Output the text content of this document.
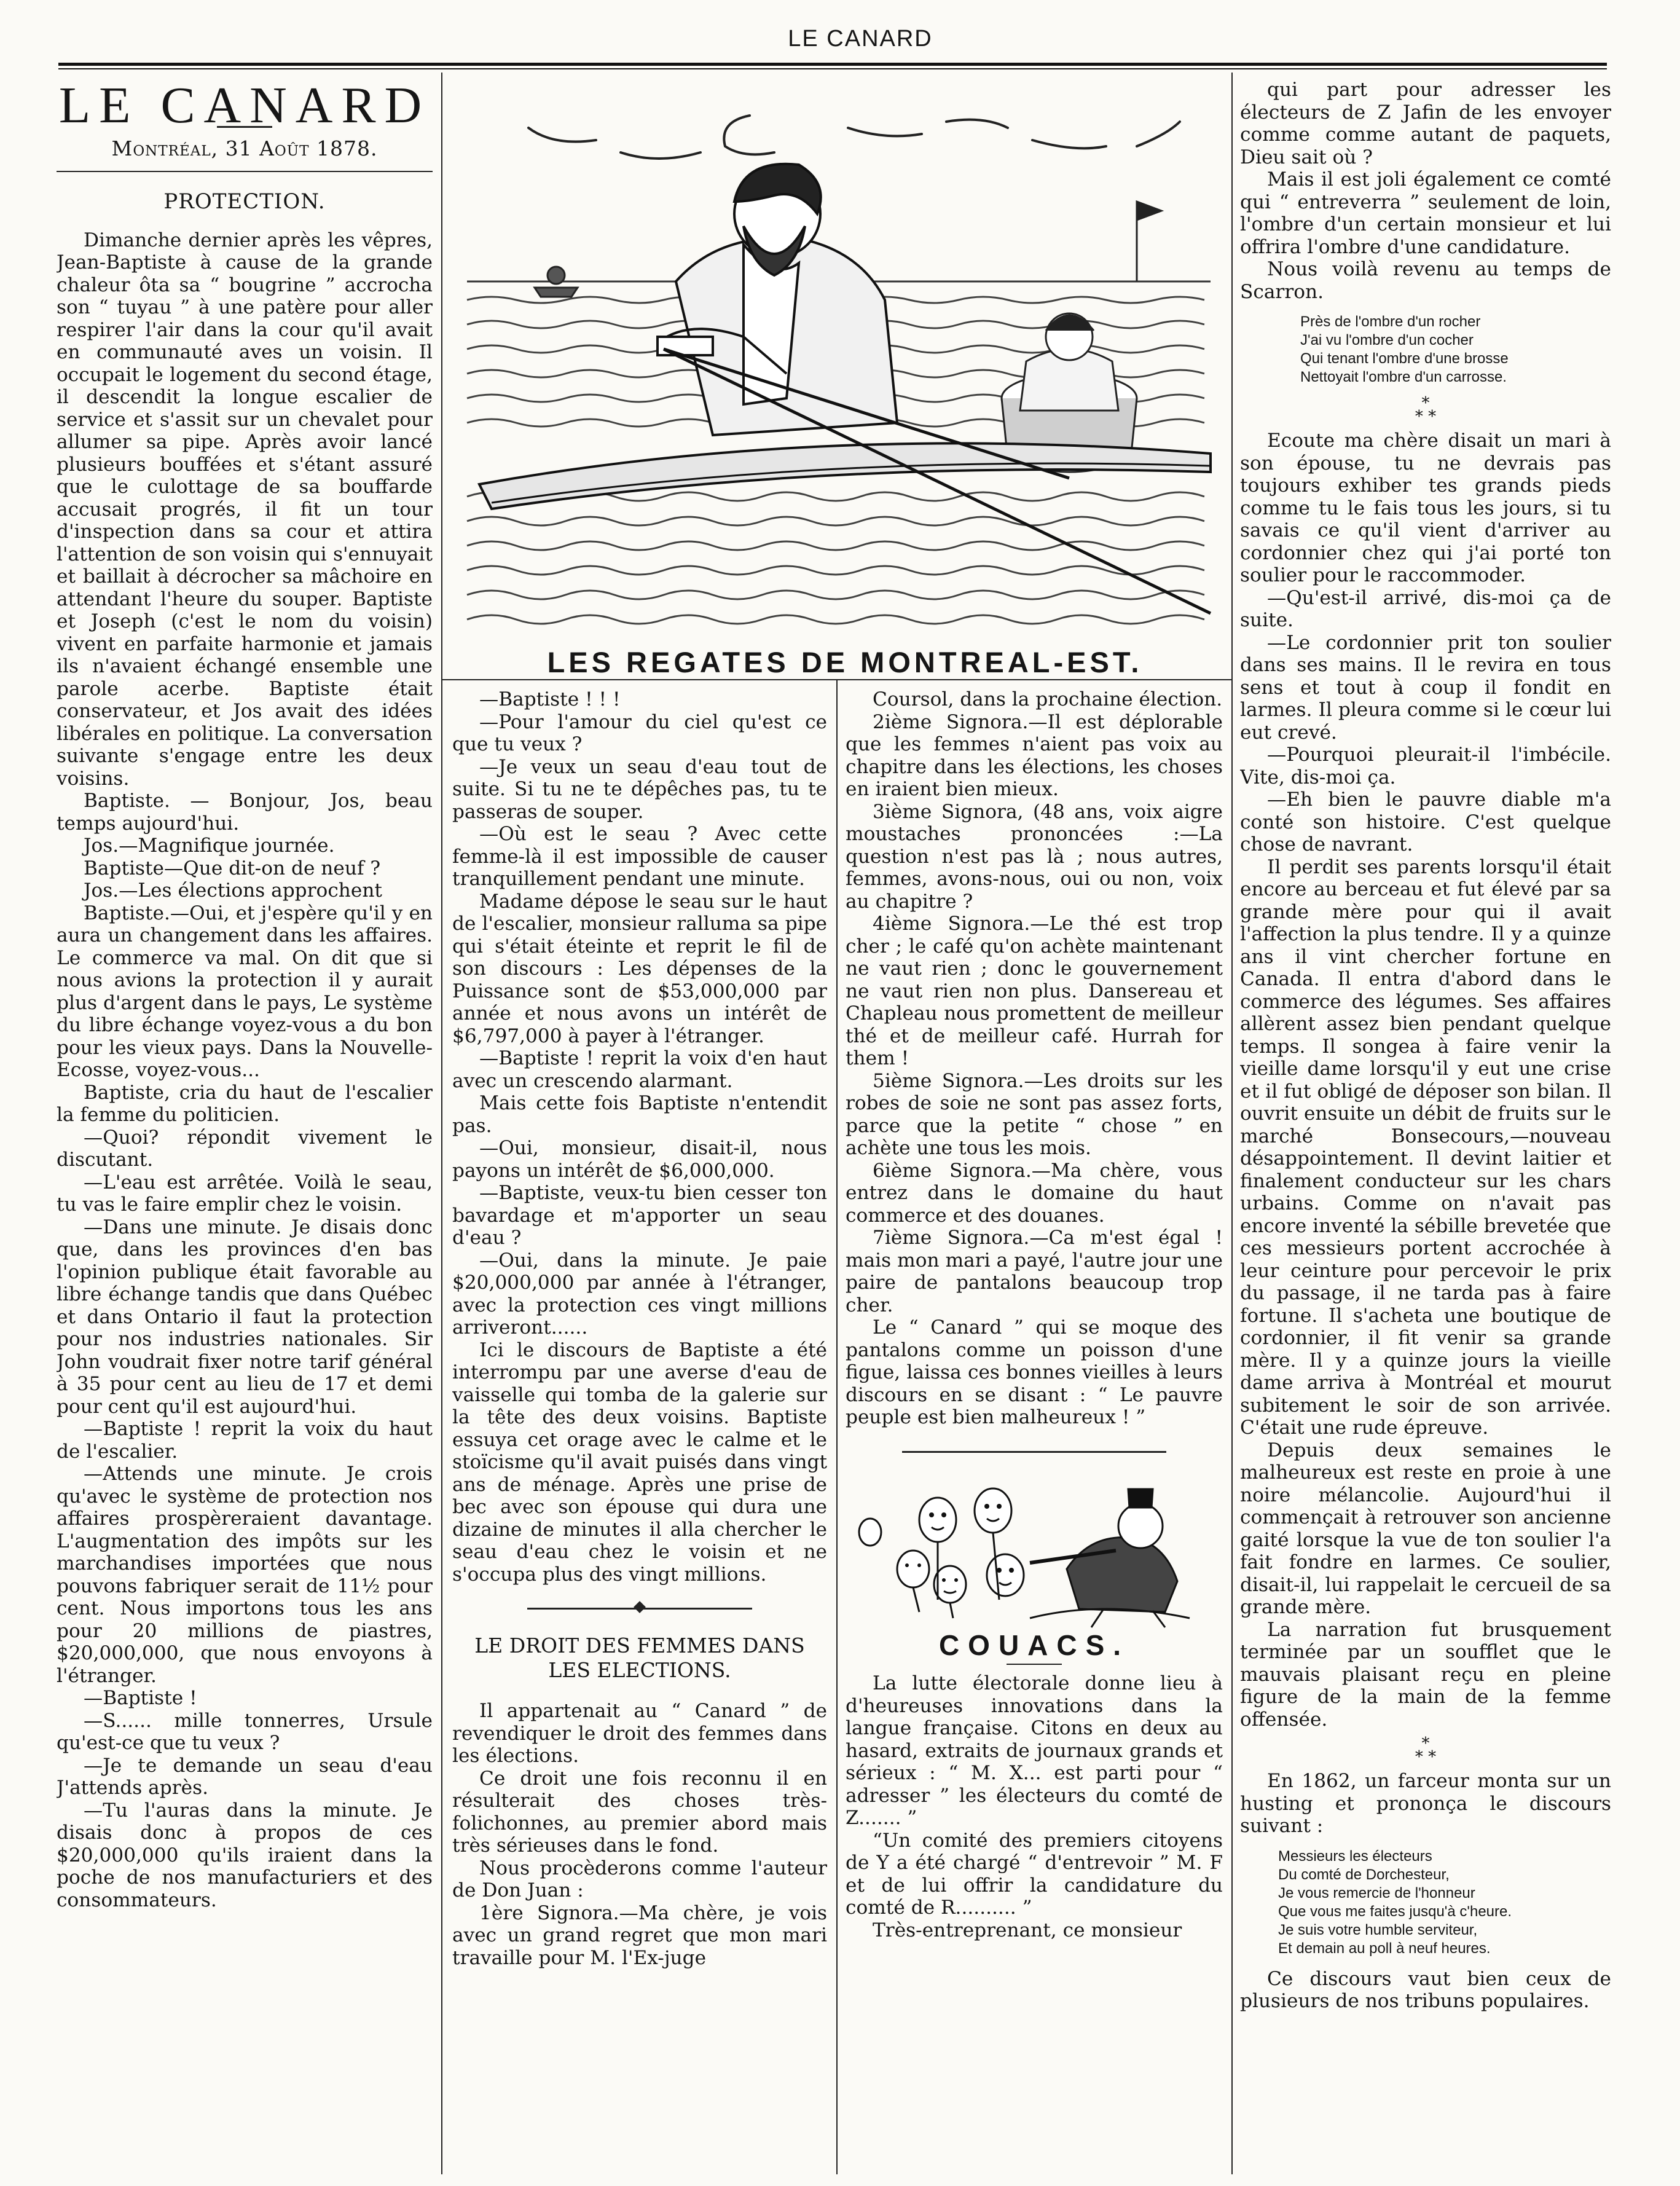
LE CANARD
LE CANARD
Montréal, 31 Août 1878.
PROTECTION.

Dimanche dernier après les vêpres, Jean-Baptiste à cause de la grande chaleur ôta sa “ bougrine ” accrocha son “ tuyau ” à une patère pour aller respirer l'air dans la cour qu'il avait en communauté aves un voisin. Il occupait le logement du second étage, il descendit la longue escalier de service et s'assit sur un chevalet pour allumer sa pipe. Après avoir lancé plusieurs bouffées et s'étant assuré que le culottage de sa bouffarde accusait progrés, il fit un tour d'inspection dans sa cour et attira l'attention de son voisin qui s'ennuyait et baillait à décrocher sa mâchoire en attendant l'heure du souper. Baptiste et Joseph (c'est le nom du voisin) vivent en parfaite harmonie et jamais ils n'avaient échangé ensemble une parole acerbe. Baptiste était conservateur, et Jos avait des idées libérales en politique. La conversation suivante s'engage entre les deux voisins.

Baptiste. — Bonjour, Jos, beau temps aujourd'hui.

Jos.—Magnifique journée.

Baptiste—Que dit-on de neuf ?

Jos.—Les élections approchent

Baptiste.—Oui, et j'espère qu'il y en aura un changement dans les affaires. Le commerce va mal. On dit que si nous avions la protection il y aurait plus d'argent dans le pays, Le système du libre échange voyez-vous a du bon pour les vieux pays. Dans la Nouvelle-Ecosse, voyez-vous...

Baptiste, cria du haut de l'escalier la femme du politicien.

—Quoi? répondit vivement le discutant.

—L'eau est arrêtée. Voilà le seau, tu vas le faire emplir chez le voisin.

—Dans une minute. Je disais donc que, dans les provinces d'en bas l'opinion publique était favorable au libre échange tandis que dans Québec et dans Ontario il faut la protection pour nos industries nationales. Sir John voudrait fixer notre tarif général à 35 pour cent au lieu de 17 et demi pour cent qu'il est aujourd'hui.

—Baptiste ! reprit la voix du haut de l'escalier.

—Attends une minute. Je crois qu'avec le système de protection nos affaires prospèreraient davantage. L'augmentation des impôts sur les marchandises importées que nous pouvons fabriquer serait de 11½ pour cent. Nous importons tous les ans pour 20 millions de piastres, $20,000,000, que nous envoyons à l'étranger.

—Baptiste !

—S...... mille tonnerres, Ursule qu'est-ce que tu veux ?

—Je te demande un seau d'eau J'attends après.

—Tu l'auras dans la minute. Je disais donc à propos de ces $20,000,000 qu'ils iraient dans la poche de nos manufacturiers et des consommateurs.

LES REGATES DE MONTREAL-EST.

—Baptiste ! ! !

—Pour l'amour du ciel qu'est ce que tu veux ?

—Je veux un seau d'eau tout de suite. Si tu ne te dépêches pas, tu te passeras de souper.

—Où est le seau ? Avec cette femme-là il est impossible de causer tranquillement pendant une minute.

Madame dépose le seau sur le haut de l'escalier, monsieur ralluma sa pipe qui s'était éteinte et reprit le fil de son discours : Les dépenses de la Puissance sont de $53,000,000 par année et nous avons un intérêt de $6,797,000 à payer à l'étranger.

—Baptiste ! reprit la voix d'en haut avec un crescendo alarmant.

Mais cette fois Baptiste n'entendit pas.

—Oui, monsieur, disait-il, nous payons un intérêt de $6,000,000.

—Baptiste, veux-tu bien cesser ton bavardage et m'apporter un seau d'eau ?

—Oui, dans la minute. Je paie $20,000,000 par année à l'étranger, avec la protection ces vingt millions arriveront......

Ici le discours de Baptiste a été interrompu par une averse d'eau de vaisselle qui tomba de la galerie sur la tête des deux voisins. Baptiste essuya cet orage avec le calme et le stoïcisme qu'il avait puisés dans vingt ans de ménage. Après une prise de bec avec son épouse qui dura une dizaine de minutes il alla chercher le seau d'eau chez le voisin et ne s'occupa plus des vingt millions.

LE DROIT DES FEMMES DANS
LES ELECTIONS.

Il appartenait au “ Canard ” de revendiquer le droit des femmes dans les élections.

Ce droit une fois reconnu il en résulterait des choses très-folichonnes, au premier abord mais très sérieuses dans le fond.

Nous procèderons comme l'auteur de Don Juan :

1ère Signora.—Ma chère, je vois avec un grand regret que mon mari travaille pour M. l'Ex-juge

Coursol, dans la prochaine élection.

2ième Signora.—Il est déplorable que les femmes n'aient pas voix au chapitre dans les élections, les choses en iraient bien mieux.

3ième Signora, (48 ans, voix aigre moustaches prononcées :—La question n'est pas là ; nous autres, femmes, avons-nous, oui ou non, voix au chapitre ?

4ième Signora.—Le thé est trop cher ; le café qu'on achète maintenant ne vaut rien ; donc le gouvernement ne vaut rien non plus. Dansereau et Chapleau nous promettent de meilleur thé et de meilleur café. Hurrah for them !

5ième Signora.—Les droits sur les robes de soie ne sont pas assez forts, parce que la petite “ chose ” en achète une tous les mois.

6ième Signora.—Ma chère, vous entrez dans le domaine du haut commerce et des douanes.

7ième Signora.—Ca m'est égal ! mais mon mari a payé, l'autre jour une paire de pantalons beaucoup trop cher.

Le “ Canard ” qui se moque des pantalons comme un poisson d'une figue, laissa ces bonnes vieilles à leurs discours en se disant : “ Le pauvre peuple est bien malheureux ! ”

COUACS.

La lutte électorale donne lieu à d'heureuses innovations dans la langue française. Citons en deux au hasard, extraits de journaux grands et sérieux : “ M. X... est parti pour “ adresser ” les électeurs du comté de Z....... ”

“Un comité des premiers citoyens de Y a été chargé “ d'entrevoir ” M. F et de lui offrir la candidature du comté de R.......... ”

Très-entreprenant, ce monsieur

qui part pour adresser les électeurs de Z Jafin de les envoyer comme comme autant de paquets, Dieu sait où ?

Mais il est joli également ce comté qui “ entreverra ” seulement de loin, l'ombre d'un certain monsieur et lui offrira l'ombre d'une candidature.

Nous voilà revenu au temps de Scarron.

Près de l'ombre d'un rocher
J'ai vu l'ombre d'un cocher
Qui tenant l'ombre d'une brosse
Nettoyait l'ombre d'un carrosse.
*
* *

Ecoute ma chère disait un mari à son épouse, tu ne devrais pas toujours exhiber tes grands pieds comme tu le fais tous les jours, si tu savais ce qu'il vient d'arriver au cordonnier chez qui j'ai porté ton soulier pour le raccommoder.

—Qu'est-il arrivé, dis-moi ça de suite.

—Le cordonnier prit ton soulier dans ses mains. Il le revira en tous sens et tout à coup il fondit en larmes. Il pleura comme si le cœur lui eut crevé.

—Pourquoi pleurait-il l'imbécile. Vite, dis-moi ça.

—Eh bien le pauvre diable m'a conté son histoire. C'est quelque chose de navrant.

Il perdit ses parents lorsqu'il était encore au berceau et fut élevé par sa grande mère pour qui il avait l'affection la plus tendre. Il y a quinze ans il vint chercher fortune en Canada. Il entra d'abord dans le commerce des légumes. Ses affaires allèrent assez bien pendant quelque temps. Il songea à faire venir la vieille dame lorsqu'il y eut une crise et il fut obligé de déposer son bilan. Il ouvrit ensuite un débit de fruits sur le marché Bonsecours,—nouveau désappointement. Il devint laitier et finalement conducteur sur les chars urbains. Comme on n'avait pas encore inventé la sébille brevetée que ces messieurs portent accrochée à leur ceinture pour percevoir le prix du passage, il ne tarda pas à faire fortune. Il s'acheta une boutique de cordonnier, il fit venir sa grande mère. Il y a quinze jours la vieille dame arriva à Montréal et mourut subitement le soir de son arrivée. C'était une rude épreuve.

Depuis deux semaines le malheureux est reste en proie à une noire mélancolie. Aujourd'hui il commençait à retrouver son ancienne gaité lorsque la vue de ton soulier l'a fait fondre en larmes. Ce soulier, disait-il, lui rappelait le cercueil de sa grande mère.

La narration fut brusquement terminée par un soufflet que le mauvais plaisant reçu en pleine figure de la main de la femme offensée.

*
* *

En 1862, un farceur monta sur un husting et prononça le discours suivant :

Messieurs les électeurs
Du comté de Dorchesteur,
Je vous remercie de l'honneur
Que vous me faites jusqu'à c'heure.
Je suis votre humble serviteur,
Et demain au poll à neuf heures.

Ce discours vaut bien ceux de plusieurs de nos tribuns populaires.
